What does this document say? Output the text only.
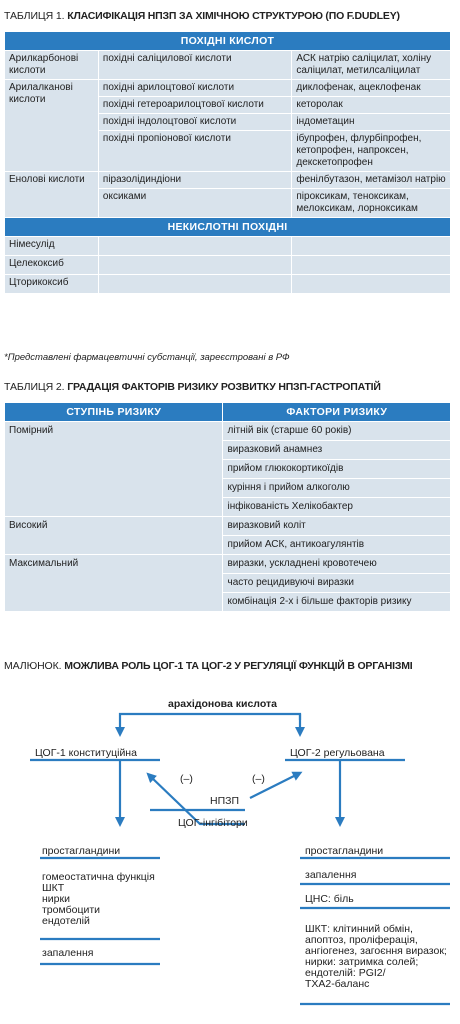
ТАБЛИЦЯ 1. КЛАСИФІКАЦІЯ НПЗП ЗА ХІМІЧНОЮ СТРУКТУРОЮ (ПО F.DUDLEY)
ПОХІДНІ КИСЛОТ		
Арилкарбонові кислоти	похідні саліцилової кислоти	АСК натрію саліцилат, холіну саліцилат, метилсаліцилат
Арилалканові кислоти	похідні арилоцтової кислоти	диклофенак, ацеклофенак
	похідні гетероарилоцтової кислоти	кеторолак
	похідні індолоцтової кислоти	індометацин
	похідні пропіонової кислоти	ібупрофен, флурбіпрофен, кетопрофен, напроксен, декскетопрофен
Енолові кислоти	піразолідиндіони	фенілбутазон, метамізол натрію
	оксиками	піроксикам, теноксикам, мелоксикам, лорноксикам
НЕКИСЛОТНІ ПОХІДНІ		
Німесулід		
Целекоксиб		
Цторикоксиб		
*Представлені фармацевтичні субстанції, зареєстровані в РФ
ТАБЛИЦЯ 2. ГРАДАЦІЯ ФАКТОРІВ РИЗИКУ РОЗВИТКУ НПЗП-ГАСТРОПАТІЙ
СТУПІНЬ РИЗИКУ	ФАКТОРИ РИЗИКУ
Помірний	літній вік (старше 60 років)
	виразковий анамнез
	прийом глюкокортикоїдів
	куріння і прийом алкоголю
	інфікованість Хелікобактер
Високий	виразковий коліт
	прийом АСК, антикоагулянтів
Максимальний	виразки, ускладнені кровотечею
	часто рецидивуючі виразки
	комбінація 2-х і більше факторів ризику
МАЛЮНОК. МОЖЛИВА РОЛЬ ЦОГ-1 ТА ЦОГ-2 У РЕГУЛЯЦІЇ ФУНКЦІЙ В ОРГАНІЗМІ
арахідонова кислота
ЦОГ-1 конституційна	ЦОГ-2 регульована
(–)	(–)
НПЗП
ЦОГ-інгібітори
простагландини
гомеостатична функція
ШКТ
нирки
тромбоцити
ендотелій
запалення
простагландини
запалення
ЦНС: біль
ШКТ: клітинний обмін,
апоптоз, проліферація,
ангіогенез, загоєння виразок;
нирки: затримка солей;
ендотелій: PGI2/
ТХА2-баланс
